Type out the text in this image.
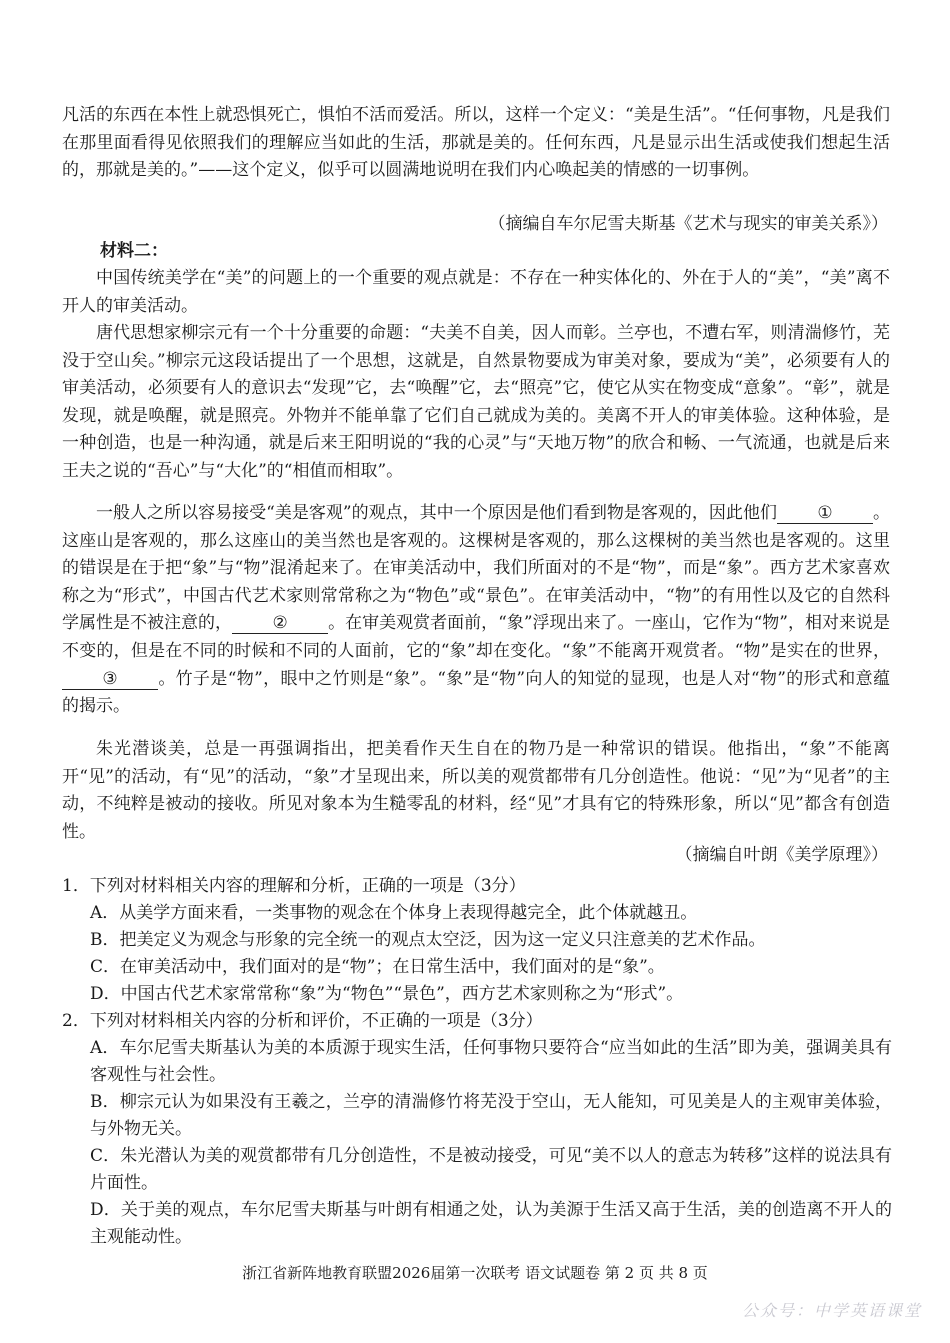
凡活的东西在本性上就恐惧死亡，惧怕不活而爱活。所以，这样一个定义：“美是生活”。“任何事物，凡是我们在那里面看得见依照我们的理解应当如此的生活，那就是美的。任何东西，凡是显示出生活或使我们想起生活的，那就是美的。”——这个定义，似乎可以圆满地说明在我们内心唤起美的情感的一切事例。

（摘编自车尔尼雪夫斯基《艺术与现实的审美关系》）
材料二：

中国传统美学在“美”的问题上的一个重要的观点就是：不存在一种实体化的、外在于人的“美”，“美”离不开人的审美活动。

唐代思想家柳宗元有一个十分重要的命题：“夫美不自美，因人而彰。兰亭也，不遭右军，则清湍修竹，芜没于空山矣。”柳宗元这段话提出了一个思想，这就是，自然景物要成为审美对象，要成为“美”，必须要有人的审美活动，必须要有人的意识去“发现”它，去“唤醒”它，去“照亮”它，使它从实在物变成“意象”。“彰”，就是发现，就是唤醒，就是照亮。外物并不能单靠了它们自己就成为美的。美离不开人的审美体验。这种体验，是一种创造，也是一种沟通，就是后来王阳明说的“我的心灵”与“天地万物”的欣合和畅、一气流通，也就是后来王夫之说的“吾心”与“大化”的“相值而相取”。

一般人之所以容易接受“美是客观”的观点，其中一个原因是他们看到物是客观的，因此他们 ① 。这座山是客观的，那么这座山的美当然也是客观的。这棵树是客观的，那么这棵树的美当然也是客观的。这里的错误是在于把“象”与“物”混淆起来了。在审美活动中，我们所面对的不是“物”，而是“象”。西方艺术家喜欢称之为“形式”，中国古代艺术家则常常称之为“物色”或“景色”。在审美活动中，“物”的有用性以及它的自然科学属性是不被注意的， ② 。在审美观赏者面前，“象”浮现出来了。一座山，它作为“物”，相对来说是不变的，但是在不同的时候和不同的人面前，它的“象”却在变化。“象”不能离开观赏者。“物”是实在的世界，③ 。竹子是“物”，眼中之竹则是“象”。“象”是“物”向人的知觉的显现，也是人对“物”的形式和意蕴的揭示。

朱光潜谈美，总是一再强调指出，把美看作天生自在的物乃是一种常识的错误。他指出，“象”不能离开“见”的活动，有“见”的活动，“象”才呈现出来，所以美的观赏都带有几分创造性。他说：“见”为“见者”的主动，不纯粹是被动的接收。所见对象本为生糙零乱的材料，经“见”才具有它的特殊形象，所以“见”都含有创造性。

（摘编自叶朗《美学原理》）

1．下列对材料相关内容的理解和分析，正确的一项是（3分）

A．从美学方面来看，一类事物的观念在个体身上表现得越完全，此个体就越丑。

B．把美定义为观念与形象的完全统一的观点太空泛，因为这一定义只注意美的艺术作品。

C．在审美活动中，我们面对的是“物”；在日常生活中，我们面对的是“象”。

D．中国古代艺术家常常称“象”为“物色”“景色”，西方艺术家则称之为“形式”。

2．下列对材料相关内容的分析和评价，不正确的一项是（3分）

A．车尔尼雪夫斯基认为美的本质源于现实生活，任何事物只要符合“应当如此的生活”即为美，强调美具有客观性与社会性。

B．柳宗元认为如果没有王羲之，兰亭的清湍修竹将芜没于空山，无人能知，可见美是人的主观审美体验，与外物无关。

C．朱光潜认为美的观赏都带有几分创造性，不是被动接受，可见“美不以人的意志为转移”这样的说法具有片面性。

D．关于美的观点，车尔尼雪夫斯基与叶朗有相通之处，认为美源于生活又高于生活，美的创造离不开人的主观能动性。

浙江省新阵地教育联盟2026届第一次联考 语文试题卷 第 2 页 共 8 页
公众号：中学英语课堂
